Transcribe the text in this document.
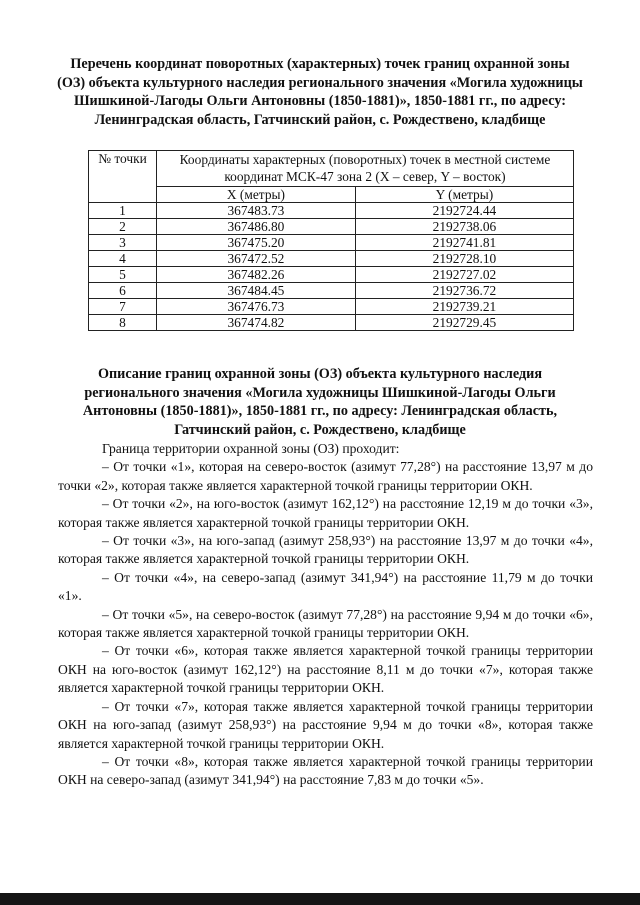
Перечень координат поворотных (характерных) точек границ охранной зоны (ОЗ) объекта культурного наследия регионального значения «Могила художницы Шишкиной-Лагоды Ольги Антоновны (1850-1881)», 1850-1881 гг., по адресу: Ленинградская область, Гатчинский район, с. Рождествено, кладбище
№ точки	Координаты характерных (поворотных) точек в местной системе координат МСК-47 зона 2 (X – север, Y – восток)	
	X (метры)	Y (метры)
1	367483.73	2192724.44
2	367486.80	2192738.06
3	367475.20	2192741.81
4	367472.52	2192728.10
5	367482.26	2192727.02
6	367484.45	2192736.72
7	367476.73	2192739.21
8	367474.82	2192729.45
Описание границ охранной зоны (ОЗ) объекта культурного наследия регионального значения «Могила художницы Шишкиной-Лагоды Ольги Антоновны (1850-1881)», 1850-1881 гг., по адресу: Ленинградская область, Гатчинский район, с. Рождествено, кладбище

Граница территории охранной зоны (ОЗ) проходит:

– От точки «1», которая на северо-восток (азимут 77,28°) на расстояние 13,97 м до точки «2», которая также является характерной точкой границы территории ОКН.

– От точки «2», на юго-восток (азимут 162,12°) на расстояние 12,19 м до точки «3», которая также является характерной точкой границы территории ОКН.

– От точки «3», на юго-запад (азимут 258,93°) на расстояние 13,97 м до точки «4», которая также является характерной точкой границы территории ОКН.

– От точки «4», на северо-запад (азимут 341,94°) на расстояние 11,79 м до точки «1».

– От точки «5», на северо-восток (азимут 77,28°) на расстояние 9,94 м до точки «6», которая также является характерной точкой границы территории ОКН.

– От точки «6», которая также является характерной точкой границы территории ОКН на юго-восток (азимут 162,12°) на расстояние 8,11 м до точки «7», которая также является характерной точкой границы территории ОКН.

– От точки «7», которая также является характерной точкой границы территории ОКН на юго-запад (азимут 258,93°) на расстояние 9,94 м до точки «8», которая также является характерной точкой границы территории ОКН.

– От точки «8», которая также является характерной точкой границы территории ОКН на северо-запад (азимут 341,94°) на расстояние 7,83 м до точки «5».
